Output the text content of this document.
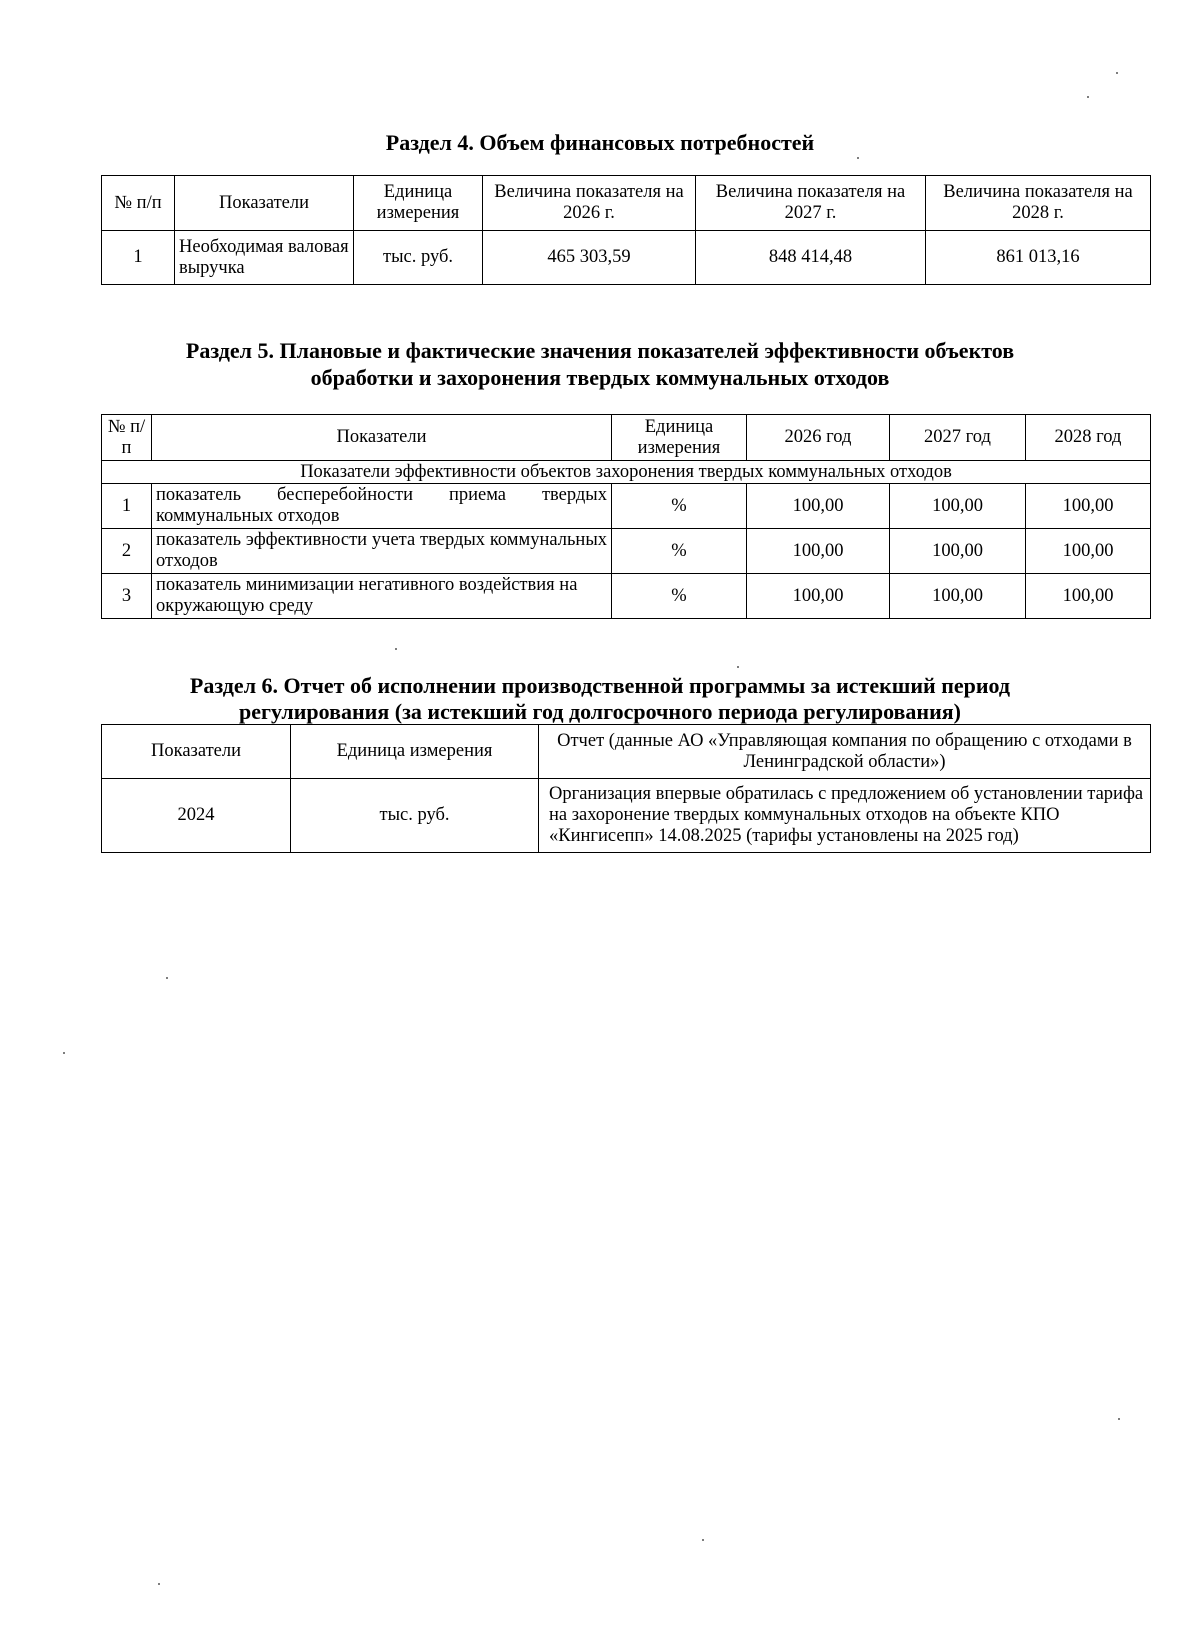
Раздел 4. Объем финансовых потребностей
№ п/п	Показатели	Единица измерения	Величина показателя на 2026 г.	Величина показателя на 2027 г.	Величина показателя на 2028 г.
1	Необходимая валовая выручка	тыс. руб.	465 303,59	848 414,48	861 013,16
Раздел 5. Плановые и фактические значения показателей эффективности объектов
обработки и захоронения твердых коммунальных отходов
№ п/п	Показатели	Единица измерения	2026 год	2027 год	2028 год
Показатели эффективности объектов захоронения твердых коммунальных отходов					
1	показатель бесперебойности приема твердых коммунальных отходов	%	100,00	100,00	100,00
2	показатель эффективности учета твердых коммунальных отходов	%	100,00	100,00	100,00
3	показатель минимизации негативного воздействия на окружающую среду	%	100,00	100,00	100,00
Раздел 6. Отчет об исполнении производственной программы за истекший период
регулирования (за истекший год долгосрочного периода регулирования)
Показатели	Единица измерения	Отчет (данные АО «Управляющая компания по обращению с отходами в Ленинградской области»)
2024	тыс. руб.	Организация впервые обратилась с предложением об установлении тарифа на захоронение твердых коммунальных отходов на объекте КПО «Кингисепп» 14.08.2025 (тарифы установлены на 2025 год)
